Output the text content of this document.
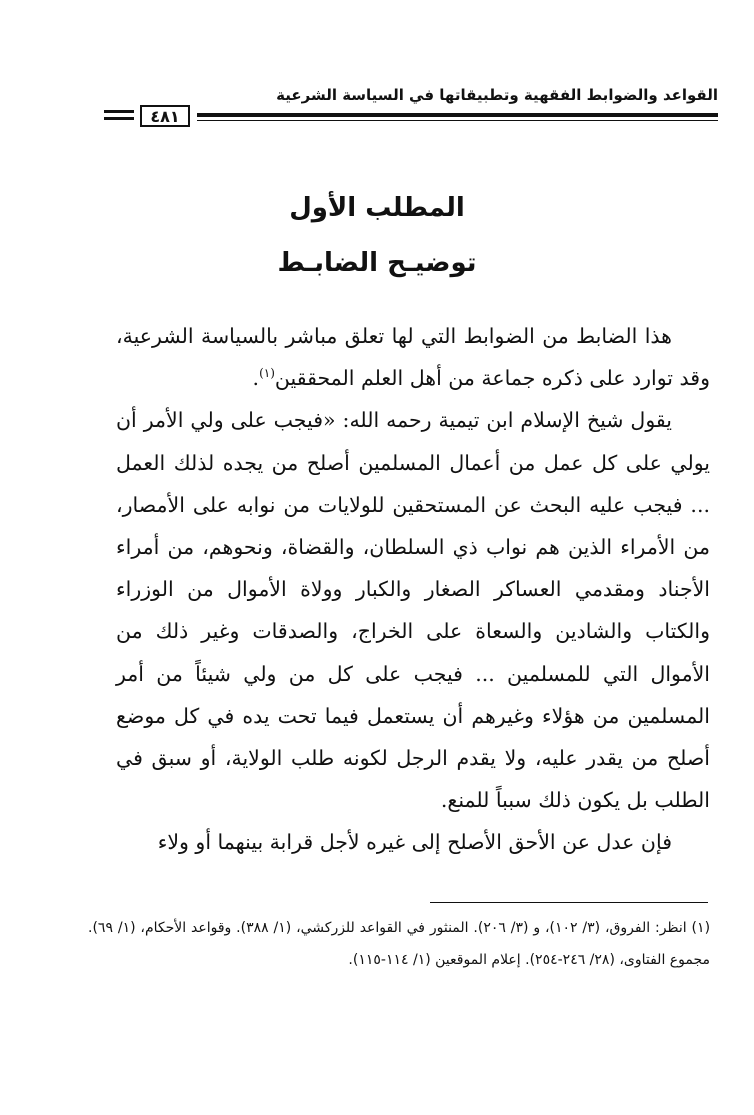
القواعد والضوابط الفقهية وتطبيقاتها في السياسة الشرعية
٤٨١
المطلب الأول
توضيـح الضابـط

هذا الضابط من الضوابط التي لها تعلق مباشر بالسياسة الشرعية، وقد توارد على ذكره جماعة من أهل العلم المحققين$^{(١)}$.

يقول شيخ الإسلام ابن تيمية رحمه الله: «فيجب على ولي الأمر أن يولي على كل عمل من أعمال المسلمين أصلح من يجده لذلك العمل ... فيجب عليه البحث عن المستحقين للولايات من نوابه على الأمصار، من الأمراء الذين هم نواب ذي السلطان، والقضاة، ونحوهم، من أمراء الأجناد ومقدمي العساكر الصغار والكبار وولاة الأموال من الوزراء والكتاب والشادين والسعاة على الخراج، والصدقات وغير ذلك من الأموال التي للمسلمين ... فيجب على كل من ولي شيئاً من أمر المسلمين من هؤلاء وغيرهم أن يستعمل فيما تحت يده في كل موضع أصلح من يقدر عليه، ولا يقدم الرجل لكونه طلب الولاية، أو سبق في الطلب بل يكون ذلك سبباً للمنع.

فإن عدل عن الأحق الأصلح إلى غيره لأجل قرابة بينهما أو ولاء

(١) انظر: الفروق، (٣/ ١٠٢)، و (٣/ ٢٠٦). المنثور في القواعد للزركشي، (١/ ٣٨٨). وقواعد الأحكام، (١/ ٦٩). مجموع الفتاوى، (٢٨/ ٢٤٦-٢٥٤). إعلام الموقعين (١/ ١١٤-١١٥).
